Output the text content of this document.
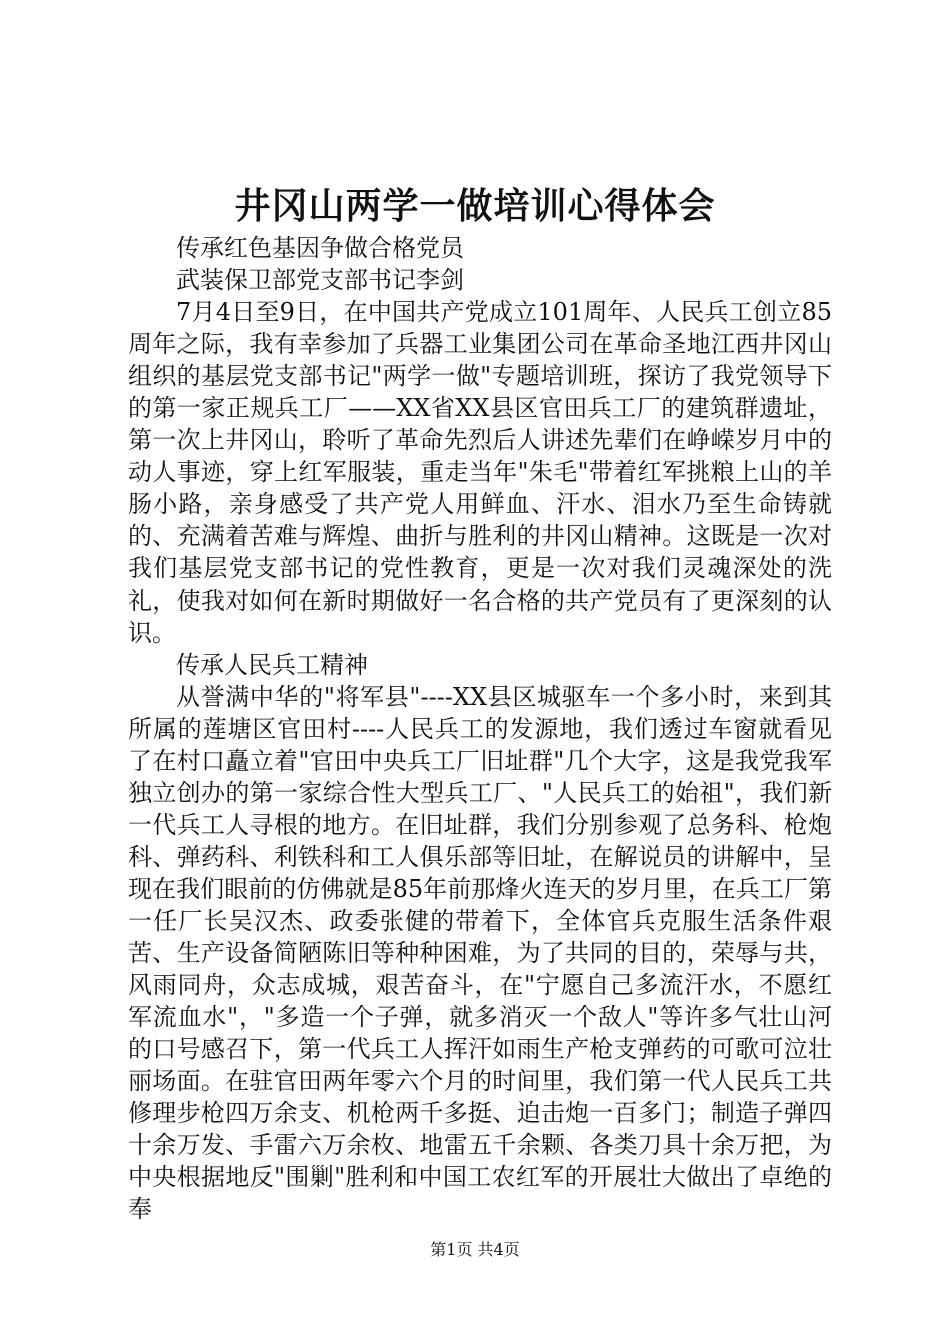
井冈山两学一做培训心得体会

传承红色基因争做合格党员

武装保卫部党支部书记李剑

7月4日至9日，在中国共产党成立101周年、人民兵工创立85周年之际，我有幸参加了兵器工业集团公司在革命圣地江西井冈山组织的基层党支部书记"两学一做"专题培训班，探访了我党领导下的第一家正规兵工厂——XX省XX县区官田兵工厂的建筑群遗址，第一次上井冈山，聆听了革命先烈后人讲述先辈们在峥嵘岁月中的动人事迹，穿上红军服装，重走当年"朱毛"带着红军挑粮上山的羊肠小路，亲身感受了共产党人用鲜血、汗水、泪水乃至生命铸就的、充满着苦难与辉煌、曲折与胜利的井冈山精神。这既是一次对我们基层党支部书记的党性教育，更是一次对我们灵魂深处的洗礼，使我对如何在新时期做好一名合格的共产党员有了更深刻的认识。

传承人民兵工精神

从誉满中华的"将军县"----XX县区城驱车一个多小时，来到其所属的莲塘区官田村----人民兵工的发源地，我们透过车窗就看见了在村口矗立着"官田中央兵工厂旧址群"几个大字，这是我党我军独立创办的第一家综合性大型兵工厂、"人民兵工的始祖"，我们新一代兵工人寻根的地方。在旧址群，我们分别参观了总务科、枪炮科、弹药科、利铁科和工人俱乐部等旧址，在解说员的讲解中，呈现在我们眼前的仿佛就是85年前那烽火连天的岁月里，在兵工厂第一任厂长吴汉杰、政委张健的带着下，全体官兵克服生活条件艰苦、生产设备简陋陈旧等种种困难，为了共同的目的，荣辱与共，风雨同舟，众志成城，艰苦奋斗，在"宁愿自己多流汗水，不愿红军流血水"，"多造一个子弹，就多消灭一个敌人"等许多气壮山河的口号感召下，第一代兵工人挥汗如雨生产枪支弹药的可歌可泣壮丽场面。在驻官田两年零六个月的时间里，我们第一代人民兵工共修理步枪四万余支、机枪两千多挺、迫击炮一百多门；制造子弹四十余万发、手雷六万余枚、地雷五千余颗、各类刀具十余万把，为中央根据地反"围剿"胜利和中国工农红军的开展壮大做出了卓绝的奉

第1页 共4页
